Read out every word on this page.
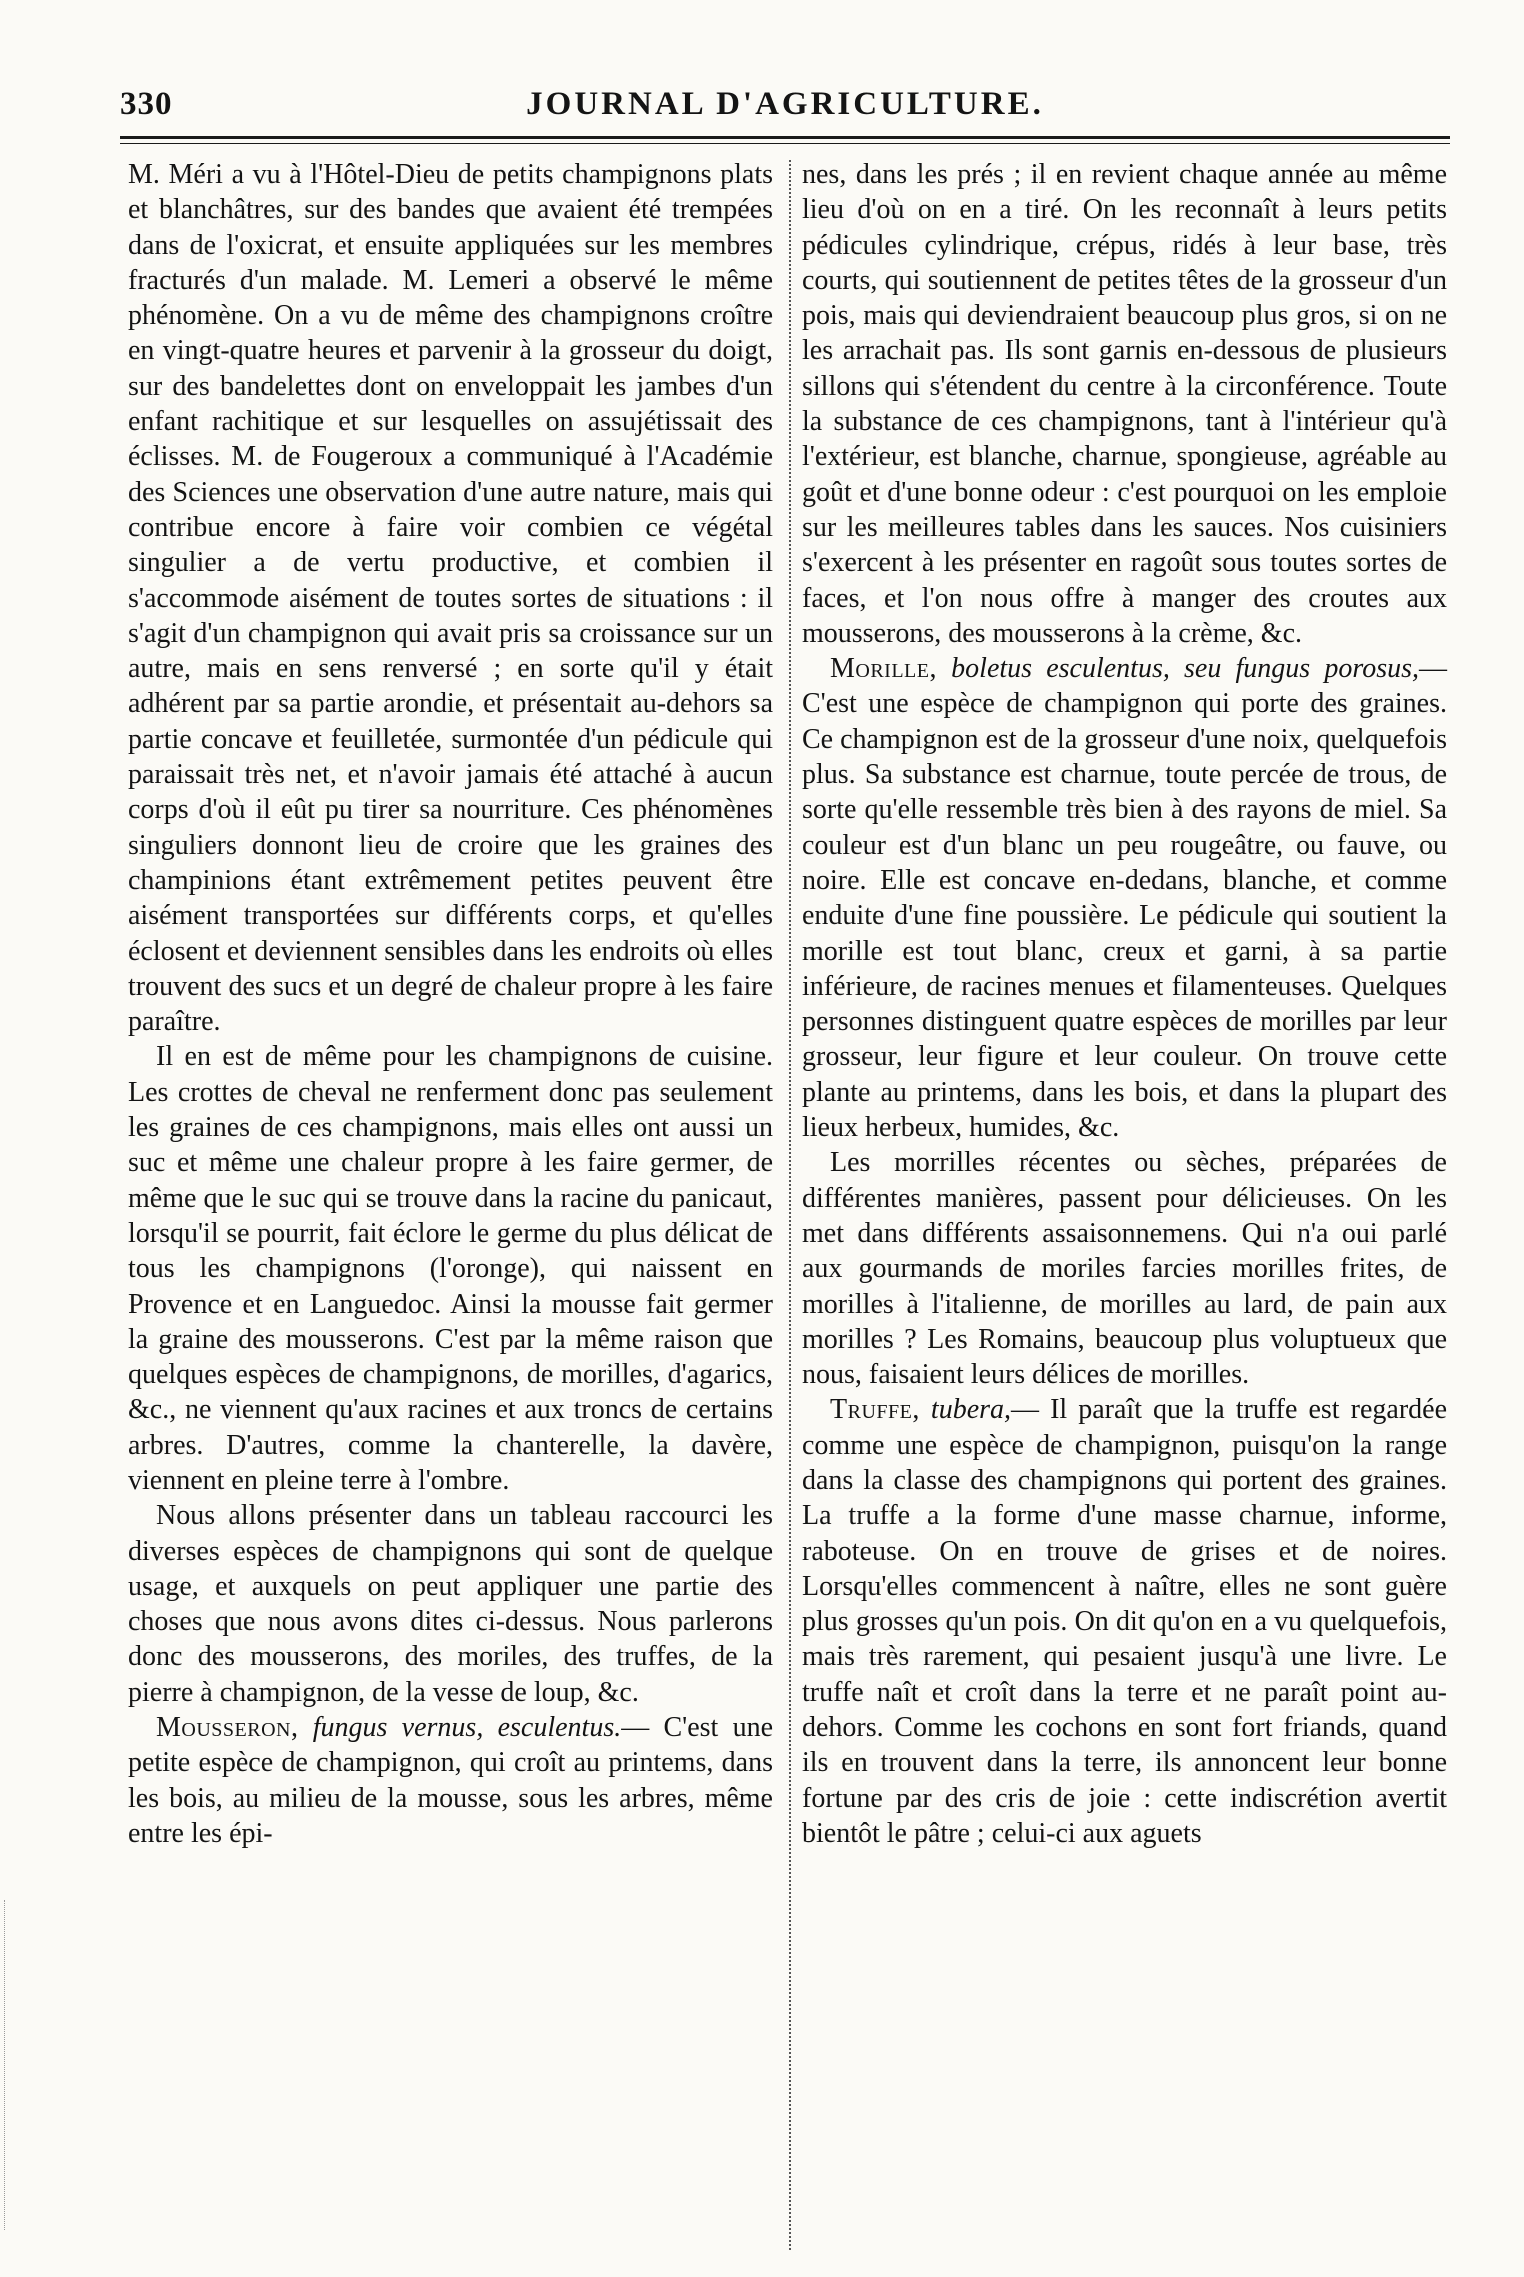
330	JOURNAL D'AGRICULTURE.

M. Méri a vu à l'Hôtel-Dieu de petits champignons plats et blanchâtres, sur des bandes que avaient été trempées dans de l'oxicrat, et ensuite appliquées sur les membres fracturés d'un malade. M. Lemeri a observé le même phénomène. On a vu de même des champignons croître en vingt-quatre heures et parvenir à la grosseur du doigt, sur des bandelettes dont on enveloppait les jambes d'un enfant rachitique et sur lesquelles on assujétissait des éclisses. M. de Fougeroux a communiqué à l'Académie des Sciences une observation d'une autre nature, mais qui contribue encore à faire voir combien ce végétal singulier a de vertu productive, et combien il s'accommode aisément de toutes sortes de situations : il s'agit d'un champignon qui avait pris sa croissance sur un autre, mais en sens renversé ; en sorte qu'il y était adhérent par sa partie arondie, et présentait au-dehors sa partie concave et feuilletée, surmontée d'un pédicule qui paraissait très net, et n'avoir jamais été attaché à aucun corps d'où il eût pu tirer sa nourriture. Ces phénomènes singuliers donnont lieu de croire que les graines des champinions étant extrêmement petites peuvent être aisément transportées sur différents corps, et qu'elles éclosent et deviennent sensibles dans les endroits où elles trouvent des sucs et un degré de chaleur propre à les faire paraître.

Il en est de même pour les champignons de cuisine. Les crottes de cheval ne renferment donc pas seulement les graines de ces champignons, mais elles ont aussi un suc et même une chaleur propre à les faire germer, de même que le suc qui se trouve dans la racine du panicaut, lorsqu'il se pourrit, fait éclore le germe du plus délicat de tous les champignons (l'oronge), qui naissent en Provence et en Languedoc. Ainsi la mousse fait germer la graine des mousserons. C'est par la même raison que quelques espèces de champignons, de morilles, d'agarics, &c., ne viennent qu'aux racines et aux troncs de certains arbres. D'autres, comme la chanterelle, la davère, viennent en pleine terre à l'ombre.

Nous allons présenter dans un tableau raccourci les diverses espèces de champignons qui sont de quelque usage, et auxquels on peut appliquer une partie des choses que nous avons dites ci-dessus. Nous parlerons donc des mousserons, des moriles, des truffes, de la pierre à champignon, de la vesse de loup, &c.

Mousseron, fungus vernus, esculentus.— C'est une petite espèce de champignon, qui croît au printems, dans les bois, au milieu de la mousse, sous les arbres, même entre les épi-

nes, dans les prés ; il en revient chaque année au même lieu d'où on en a tiré. On les reconnaît à leurs petits pédicules cylindrique, crépus, ridés à leur base, très courts, qui soutiennent de petites têtes de la grosseur d'un pois, mais qui deviendraient beaucoup plus gros, si on ne les arrachait pas. Ils sont garnis en-dessous de plusieurs sillons qui s'étendent du centre à la circonférence. Toute la substance de ces champignons, tant à l'intérieur qu'à l'extérieur, est blanche, charnue, spongieuse, agréable au goût et d'une bonne odeur : c'est pourquoi on les emploie sur les meilleures tables dans les sauces. Nos cuisiniers s'exercent à les présenter en ragoût sous toutes sortes de faces, et l'on nous offre à manger des croutes aux mousserons, des mousserons à la crème, &c.

Morille, boletus esculentus, seu fungus porosus,— C'est une espèce de champignon qui porte des graines. Ce champignon est de la grosseur d'une noix, quelquefois plus. Sa substance est charnue, toute percée de trous, de sorte qu'elle ressemble très bien à des rayons de miel. Sa couleur est d'un blanc un peu rougeâtre, ou fauve, ou noire. Elle est concave en-dedans, blanche, et comme enduite d'une fine poussière. Le pédicule qui soutient la morille est tout blanc, creux et garni, à sa partie inférieure, de racines menues et filamenteuses. Quelques personnes distinguent quatre espèces de morilles par leur grosseur, leur figure et leur couleur. On trouve cette plante au printems, dans les bois, et dans la plupart des lieux herbeux, humides, &c.

Les morrilles récentes ou sèches, préparées de différentes manières, passent pour délicieuses. On les met dans différents assaisonnemens. Qui n'a oui parlé aux gourmands de moriles farcies morilles frites, de morilles à l'italienne, de morilles au lard, de pain aux morilles ? Les Romains, beaucoup plus voluptueux que nous, faisaient leurs délices de morilles.

Truffe, tubera,— Il paraît que la truffe est regardée comme une espèce de champignon, puisqu'on la range dans la classe des champignons qui portent des graines. La truffe a la forme d'une masse charnue, informe, raboteuse. On en trouve de grises et de noires. Lorsqu'elles commencent à naître, elles ne sont guère plus grosses qu'un pois. On dit qu'on en a vu quelquefois, mais très rarement, qui pesaient jusqu'à une livre. Le truffe naît et croît dans la terre et ne paraît point au-dehors. Comme les cochons en sont fort friands, quand ils en trouvent dans la terre, ils annoncent leur bonne fortune par des cris de joie : cette indiscrétion avertit bientôt le pâtre ; celui-ci aux aguets
